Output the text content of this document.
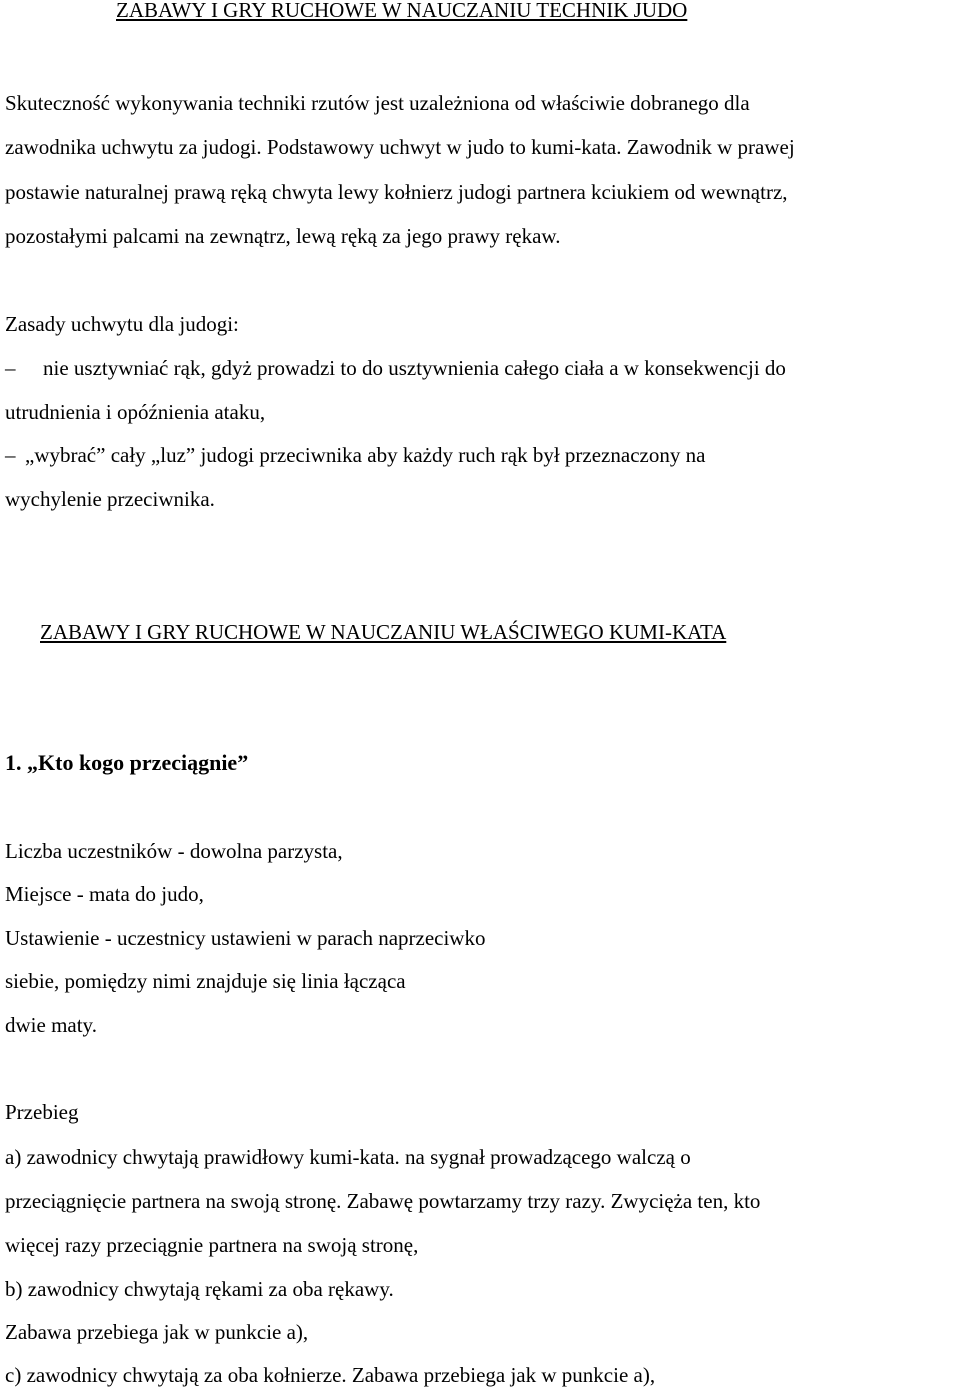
ZABAWY I GRY RUCHOWE W NAUCZANIU TECHNIK JUDO
Skuteczność wykonywania techniki rzutów jest uzależniona od właściwie dobranego dla
zawodnika uchwytu za judogi. Podstawowy uchwyt w judo to kumi-kata. Zawodnik w prawej
postawie naturalnej prawą ręką chwyta lewy kołnierz judogi partnera kciukiem od wewnątrz,
pozostałymi palcami na zewnątrz, lewą ręką za jego prawy rękaw.
Zasady uchwytu dla judogi:
– nie usztywniać rąk, gdyż prowadzi to do usztywnienia całego ciała a w konsekwencji do
utrudnienia i opóźnienia ataku,
– „wybrać” cały „luz” judogi przeciwnika aby każdy ruch rąk był przeznaczony na
wychylenie przeciwnika.
ZABAWY I GRY RUCHOWE W NAUCZANIU WŁAŚCIWEGO KUMI-KATA
1. „Kto kogo przeciągnie”
Liczba uczestników - dowolna parzysta,
Miejsce - mata do judo,
Ustawienie - uczestnicy ustawieni w parach naprzeciwko
siebie, pomiędzy nimi znajduje się linia łącząca
dwie maty.
Przebieg
a) zawodnicy chwytają prawidłowy kumi-kata. na sygnał prowadzącego walczą o
przeciągnięcie partnera na swoją stronę. Zabawę powtarzamy trzy razy. Zwycięża ten, kto
więcej razy przeciągnie partnera na swoją stronę,
b) zawodnicy chwytają rękami za oba rękawy.
Zabawa przebiega jak w punkcie a),
c) zawodnicy chwytają za oba kołnierze. Zabawa przebiega jak w punkcie a),
